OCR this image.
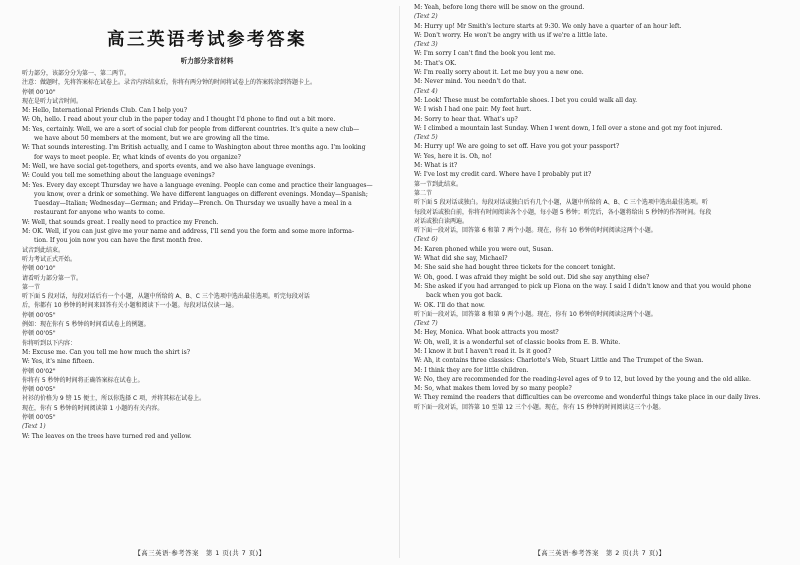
高三英语考试参考答案
听力部分录音材料
听力部分，该部分分为第一、第二两节。
注意：做题时，先将答案标在试卷上。录音内容结束后，你将有两分钟的时间将试卷上的答案转涂到答题卡上。
停顿 00'10"
现在是听力试音时间。
M: Hello, International Friends Club. Can I help you?
W: Oh, hello. I read about your club in the paper today and I thought I'd phone to find out a bit more.
M: Yes, certainly. Well, we are a sort of social club for people from different countries. It's quite a new club—
we have about 50 members at the moment, but we are growing all the time.
W: That sounds interesting. I'm British actually, and I came to Washington about three months ago. I'm looking
for ways to meet people. Er, what kinds of events do you organize?
M: Well, we have social get-togethers, and sports events, and we also have language evenings.
W: Could you tell me something about the language evenings?
M: Yes. Every day except Thursday we have a language evening. People can come and practice their languages—
you know, over a drink or something. We have different languages on different evenings. Monday—Spanish;
Tuesday—Italian; Wednesday—German; and Friday—French. On Thursday we usually have a meal in a
restaurant for anyone who wants to come.
W: Well, that sounds great. I really need to practice my French.
M: OK. Well, if you can just give me your name and address, I'll send you the form and some more informa-
tion. If you join now you can have the first month free.
试音到此结束。
听力考试正式开始。
停顿 00'10"
请看听力部分第一节。
第一节
听下面 5 段对话，每段对话后有一个小题，从题中所给的 A、B、C 三个选项中选出最佳选项。听完每段对话
后，你都有 10 秒钟的时间来回答有关小题和阅读下一小题。每段对话仅读一遍。
停顿 00'05"
例如：现在你有 5 秒钟的时间看试卷上的例题。
停顿 00'05"
你将听到以下内容：
M: Excuse me. Can you tell me how much the shirt is?
W: Yes, it's nine fifteen.
停顿 00'02"
你将有 5 秒钟的时间将正确答案标在试卷上。
停顿 00'05"
衬衫的价格为 9 镑 15 便士，所以你选择 C 项，并将其标在试卷上。
现在，你有 5 秒钟的时间阅读第 1 小题的有关内容。
停顿 00'05"
(Text 1)
W: The leaves on the trees have turned red and yellow.
【高三英语·参考答案　第 1 页(共 7 页)】
M: Yeah, before long there will be snow on the ground.
(Text 2)
M: Hurry up! Mr Smith's lecture starts at 9:30. We only have a quarter of an hour left.
W: Don't worry. He won't be angry with us if we're a little late.
(Text 3)
W: I'm sorry I can't find the book you lent me.
M: That's OK.
W: I'm really sorry about it. Let me buy you a new one.
M: Never mind. You needn't do that.
(Text 4)
M: Look! These must be comfortable shoes. I bet you could walk all day.
W: I wish I had one pair. My feet hurt.
M: Sorry to hear that. What's up?
W: I climbed a mountain last Sunday. When I went down, I fell over a stone and got my foot injured.
(Text 5)
M: Hurry up! We are going to set off. Have you got your passport?
W: Yes, here it is. Oh, no!
M: What is it?
W: I've lost my credit card. Where have I probably put it?
第一节到此结束。
第二节
听下面 5 段对话或独白。每段对话或独白后有几个小题，从题中所给的 A、B、C 三个选项中选出最佳选项。听
每段对话或独白前，你将有时间阅读各个小题，每小题 5 秒钟；听完后，各小题将给出 5 秒钟的作答时间。每段
对话或独白读两遍。
听下面一段对话，回答第 6 和第 7 两个小题。现在，你有 10 秒钟的时间阅读这两个小题。
(Text 6)
M: Karen phoned while you were out, Susan.
W: What did she say, Michael?
M: She said she had bought three tickets for the concert tonight.
W: Oh, good. I was afraid they might be sold out. Did she say anything else?
M: She asked if you had arranged to pick up Fiona on the way. I said I didn't know and that you would phone
back when you got back.
W: OK. I'll do that now.
听下面一段对话，回答第 8 和第 9 两个小题。现在，你有 10 秒钟的时间阅读这两个小题。
(Text 7)
M: Hey, Monica. What book attracts you most?
W: Oh, well, it is a wonderful set of classic books from E. B. White.
M: I know it but I haven't read it. Is it good?
W: Ah, it contains three classics: Charlotte's Web, Stuart Little and The Trumpet of the Swan.
M: I think they are for little children.
W: No, they are recommended for the reading-level ages of 9 to 12, but loved by the young and the old alike.
M: So, what makes them loved by so many people?
W: They remind the readers that difficulties can be overcome and wonderful things take place in our daily lives.
听下面一段对话，回答第 10 至第 12 三个小题。现在，你有 15 秒钟的时间阅读这三个小题。
【高三英语·参考答案　第 2 页(共 7 页)】
